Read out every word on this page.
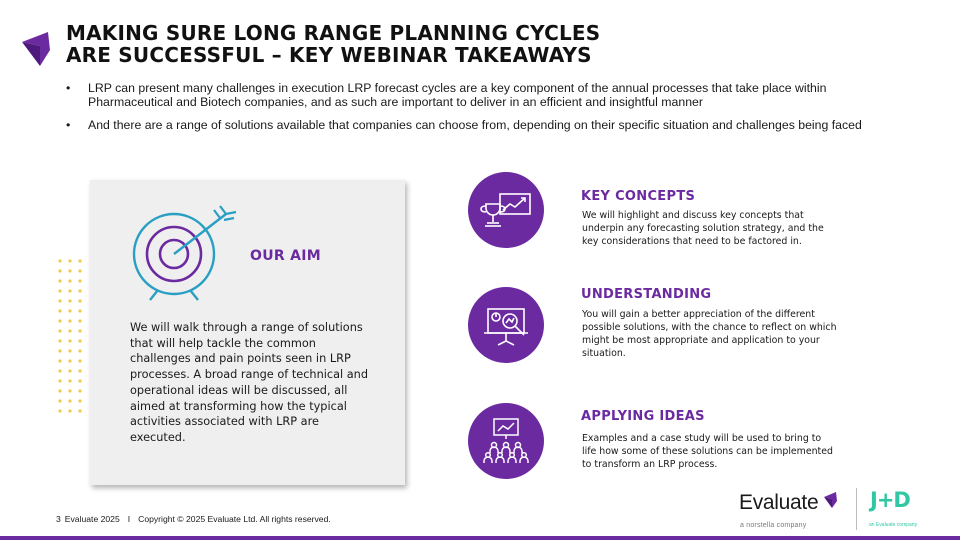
MAKING SURE LONG RANGE PLANNING CYCLES
ARE SUCCESSFUL – KEY WEBINAR TAKEAWAYS
• LRP can present many challenges in execution LRP forecast cycles are a key component of the annual processes that take place within Pharmaceutical and Biotech companies, and as such are important to deliver in an efficient and insightful manner
• And there are a range of solutions available that companies can choose from, depending on their specific situation and challenges being faced
OUR AIM
We will walk through a range of solutions that will help tackle the common challenges and pain points seen in LRP processes. A broad range of technical and operational ideas will be discussed, all aimed at transforming how the typical activities associated with LRP are executed.
KEY CONCEPTS
We will highlight and discuss key concepts that underpin any forecasting solution strategy, and the key considerations that need to be factored in.
UNDERSTANDING
You will gain a better appreciation of the different possible solutions, with the chance to reflect on which might be most appropriate and application to your situation.
APPLYING IDEAS
Examples and a case study will be used to bring to life how some of these solutions can be implemented to transform an LRP process.
3 Evaluate 2025 I Copyright © 2025 Evaluate Ltd. All rights reserved.
Evaluate
a norstella company
J+D
an Evaluate company
